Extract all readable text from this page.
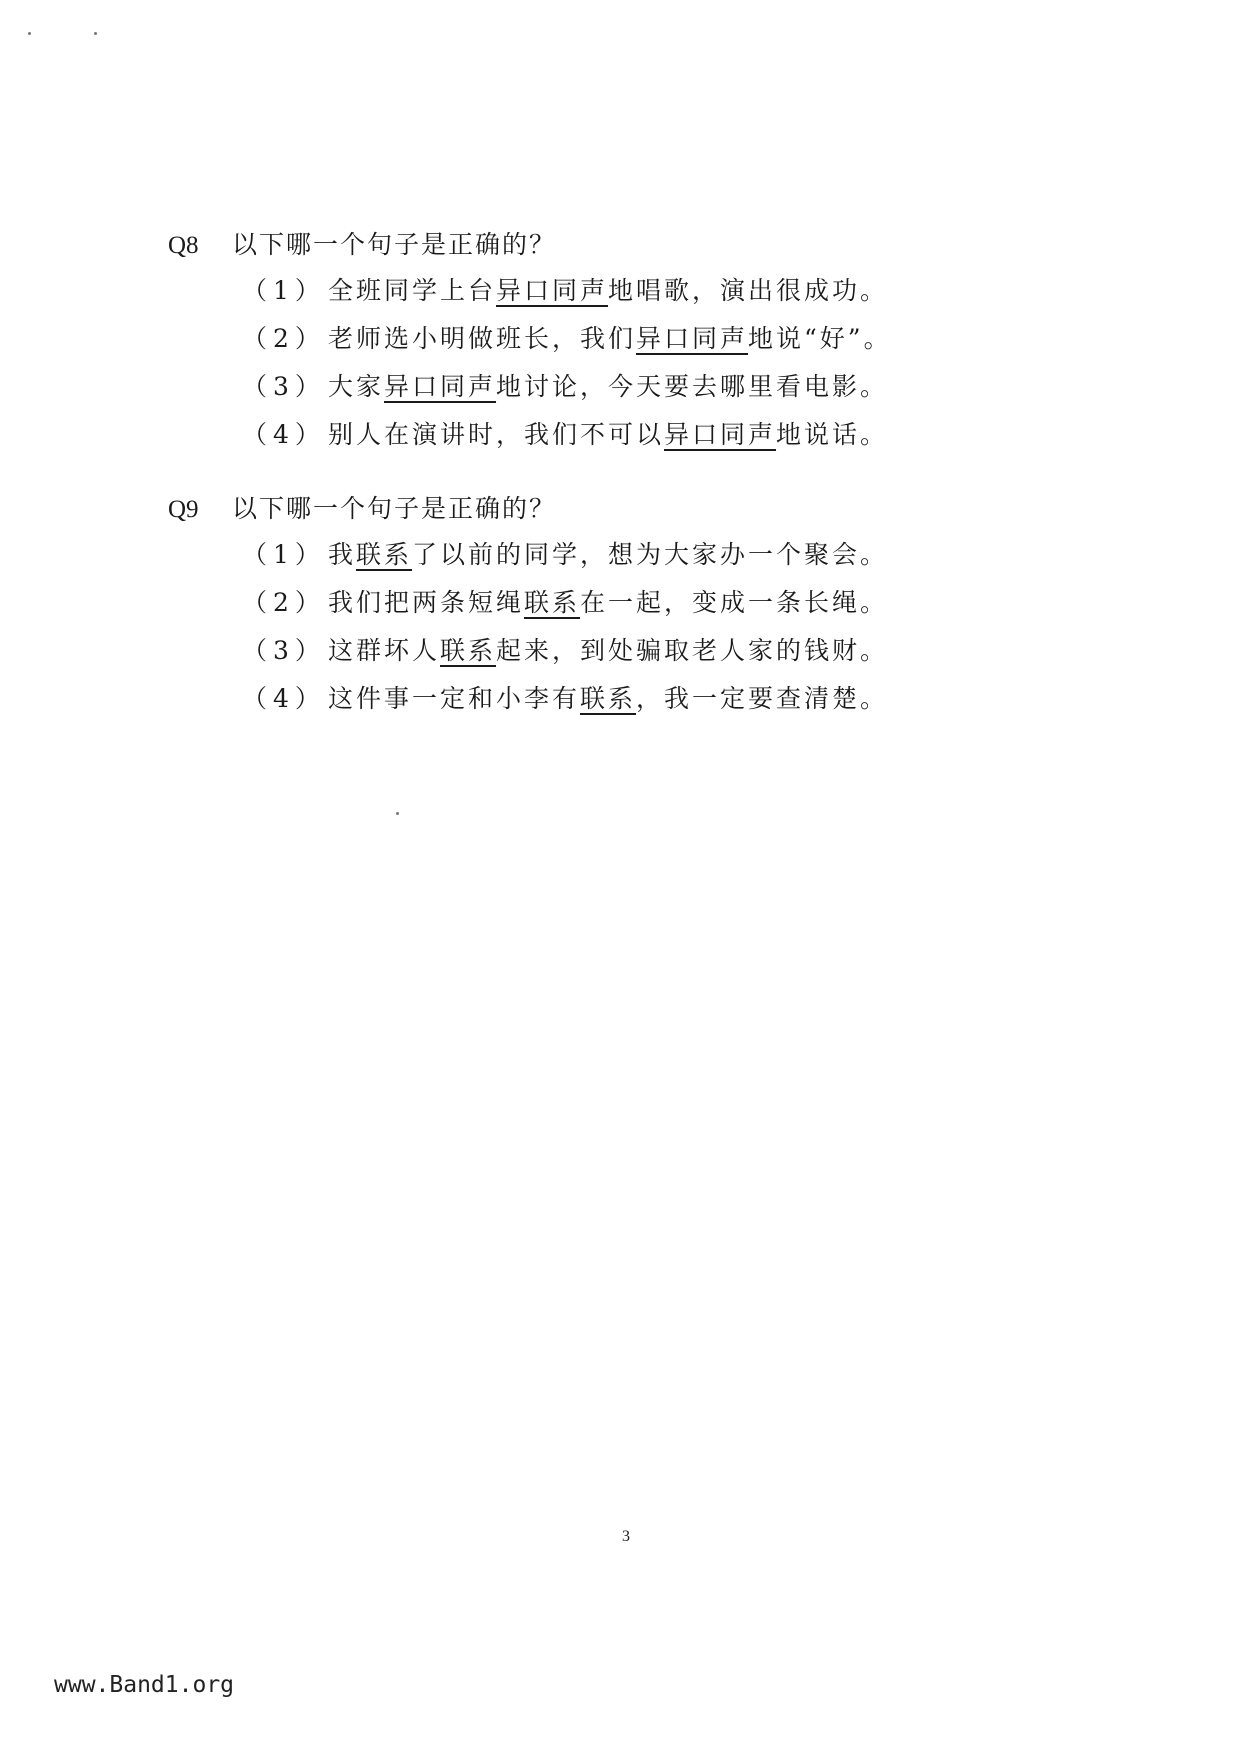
Q8	以下哪一个句子是正确的？
（1） 全班同学上台异口同声地唱歌，演出很成功。
（2） 老师选小明做班长，我们异口同声地说“好”。
（3） 大家异口同声地讨论，今天要去哪里看电影。
（4） 别人在演讲时，我们不可以异口同声地说话。
Q9	以下哪一个句子是正确的？
（1） 我联系了以前的同学，想为大家办一个聚会。
（2） 我们把两条短绳联系在一起，变成一条长绳。
（3） 这群坏人联系起来，到处骗取老人家的钱财。
（4） 这件事一定和小李有联系，我一定要查清楚。
3
www.Band1.org
